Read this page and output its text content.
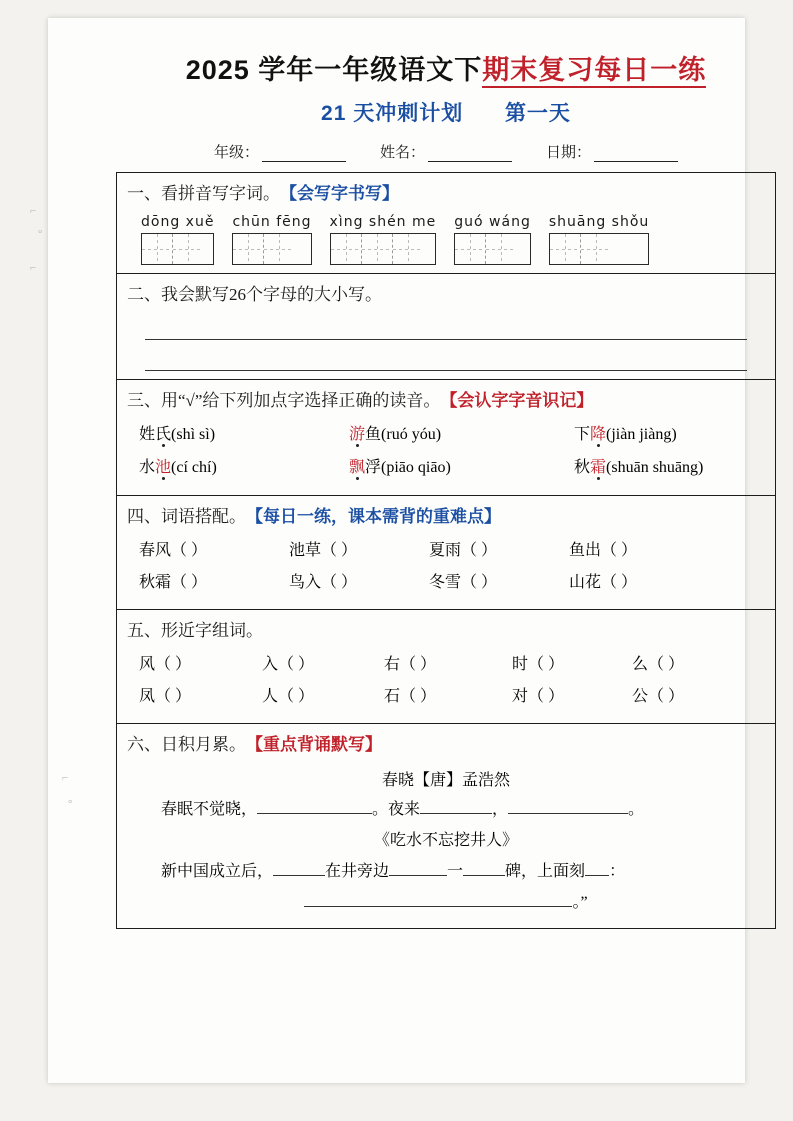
2025 学年一年级语文下期末复习每日一练
21 天冲刺计划 第一天
年级：	姓名：	日期：
一、看拼音写字词。【会写字书写】
dōng xuě chūn fēng xìng shén me guó wáng shuāng shǒu
二、我会默写26个字母的大小写。
三、用“√”给下列加点字选择正确的读音。【会认字字音识记】
姓氏(shì sì)	游鱼(ruó yóu)	下降(jiàn jiàng)
水池(cí chí)	飘浮(piāo qiāo)	秋霜(shuān shuāng)
四、词语搭配。【每日一练，课本需背的重难点】
春风（ ）	池草（ ）	夏雨（ ）	鱼出（ ）
秋霜（ ）	鸟入（ ）	冬雪（ ）	山花（ ）
五、形近字组词。
风（ ）	入（ ）	右（ ）	时（ ）	么（ ）
凤（ ）	人（ ）	石（ ）	对（ ）	公（ ）
六、日积月累。【重点背诵默写】
春晓【唐】孟浩然
春眠不觉晓，	。夜来	，	。
《吃水不忘挖井人》
新中国成立后，	在井旁边	一	碑，上面刻 ：
。”
⌐
°
⌐
⌐
°
